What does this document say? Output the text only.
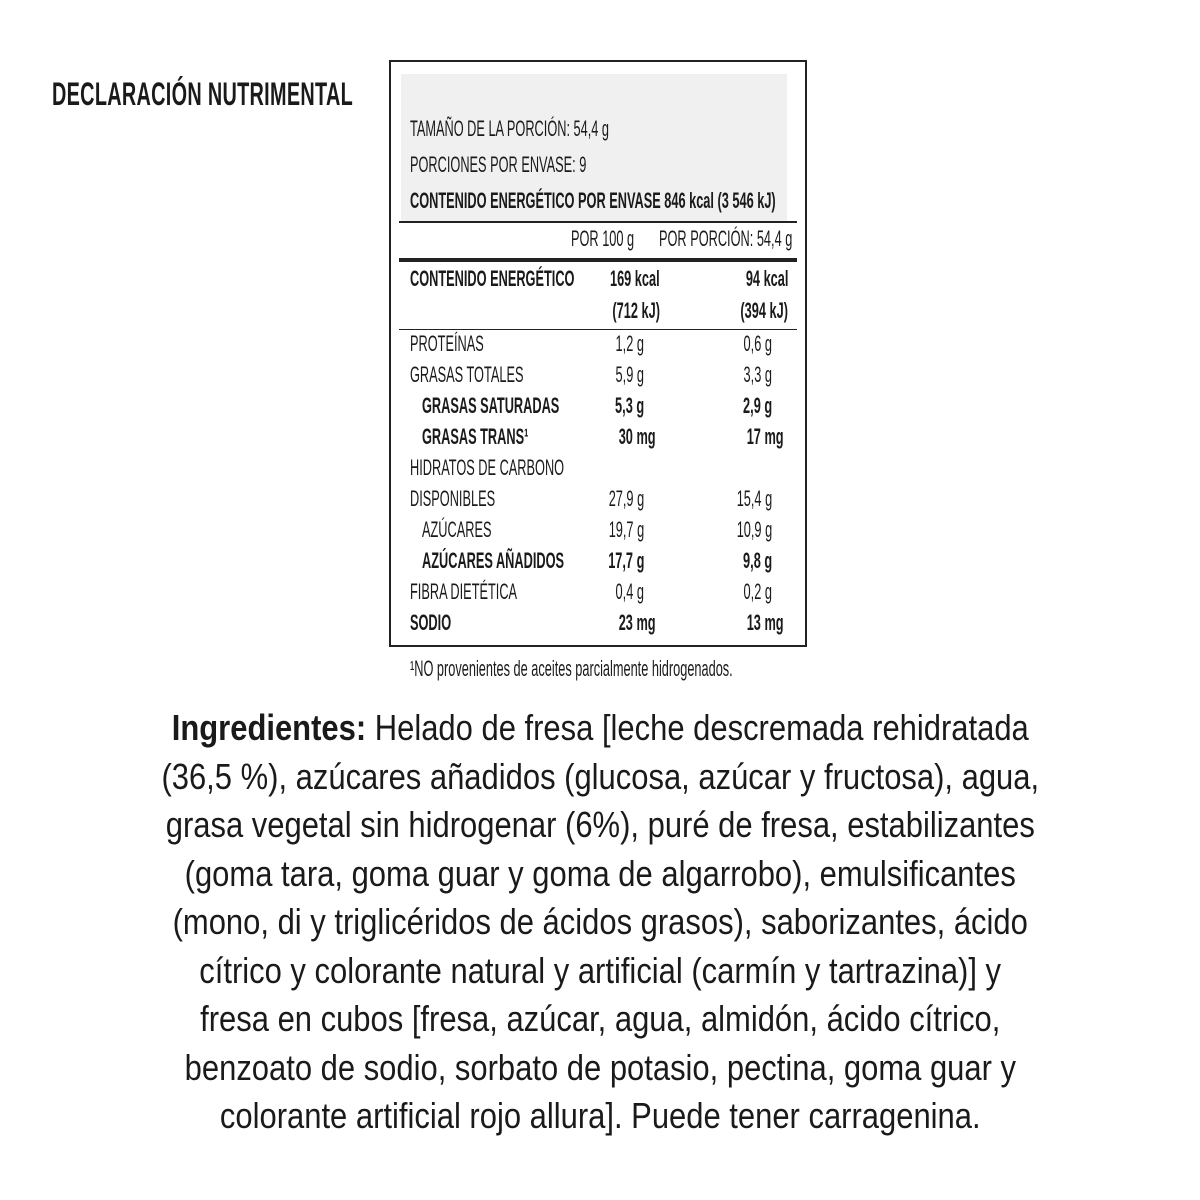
DECLARACIÓN NUTRIMENTAL
TAMAÑO DE LA PORCIÓN: 54,4 g
PORCIONES POR ENVASE: 9
CONTENIDO ENERGÉTICO POR ENVASE 846 kcal (3 546 kJ)
POR 100 g POR PORCIÓN: 54,4 g
CONTENIDO ENERGÉTICO 169 kcal	94 kcal
(712 kJ)	(394 kJ)
PROTEÍNAS	1,2 g	0,6 g
GRASAS TOTALES	5,9 g	3,3 g
GRASAS SATURADAS	5,3 g	2,9 g
GRASAS TRANS¹	30 mg	17 mg
HIDRATOS DE CARBONO
DISPONIBLES	27,9 g	15,4 g
AZÚCARES	19,7 g	10,9 g
AZÚCARES AÑADIDOS 17,7 g	9,8 g
FIBRA DIETÉTICA	0,4 g	0,2 g
SODIO	23 mg	13 mg
¹NO provenientes de aceites parcialmente hidrogenados.
Ingredientes: Helado de fresa [leche descremada rehidratada
(36,5 %), azúcares añadidos (glucosa, azúcar y fructosa), agua,
grasa vegetal sin hidrogenar (6%), puré de fresa, estabilizantes
(goma tara, goma guar y goma de algarrobo), emulsificantes
(mono, di y triglicéridos de ácidos grasos), saborizantes, ácido
cítrico y colorante natural y artificial (carmín y tartrazina)] y
fresa en cubos [fresa, azúcar, agua, almidón, ácido cítrico,
benzoato de sodio, sorbato de potasio, pectina, goma guar y
colorante artificial rojo allura]. Puede tener carragenina.
